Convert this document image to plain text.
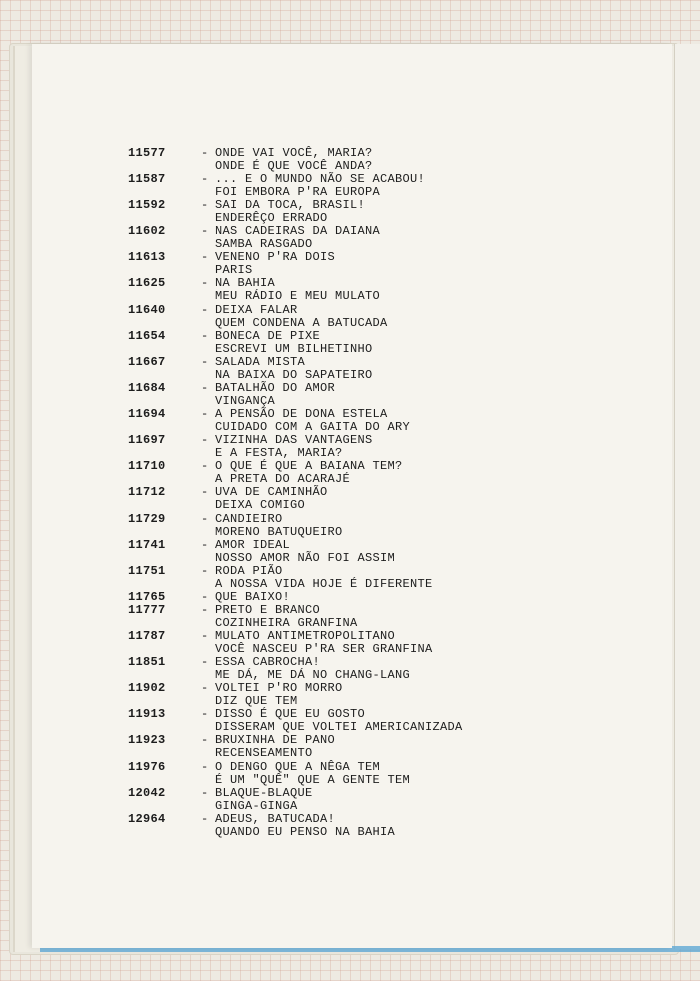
11577	- ONDE VAI VOCÊ, MARIA?
ONDE É QUE VOCÊ ANDA?
11587	- ... E O MUNDO NÃO SE ACABOU!
FOI EMBORA P'RA EUROPA
11592	- SAI DA TOCA, BRASIL!
ENDERÊÇO ERRADO
11602	- NAS CADEIRAS DA DAIANA
SAMBA RASGADO
11613	- VENENO P'RA DOIS
PARIS
11625	- NA BAHIA
MEU RÁDIO E MEU MULATO
11640	- DEIXA FALAR
QUEM CONDENA A BATUCADA
11654	- BONECA DE PIXE
ESCREVI UM BILHETINHO
11667	- SALADA MISTA
NA BAIXA DO SAPATEIRO
11684	- BATALHÃO DO AMOR
VINGANÇA
11694	- A PENSÃO DE DONA ESTELA
CUIDADO COM A GAITA DO ARY
11697	- VIZINHA DAS VANTAGENS
E A FESTA, MARIA?
11710	- O QUE É QUE A BAIANA TEM?
A PRETA DO ACARAJÉ
11712	- UVA DE CAMINHÃO
DEIXA COMIGO
11729	- CANDIEIRO
MORENO BATUQUEIRO
11741	- AMOR IDEAL
NOSSO AMOR NÃO FOI ASSIM
11751	- RODA PIÃO
A NOSSA VIDA HOJE É DIFERENTE
11765	- QUE BAIXO!
11777	- PRETO E BRANCO
COZINHEIRA GRANFINA
11787	- MULATO ANTIMETROPOLITANO
VOCÊ NASCEU P'RA SER GRANFINA
11851	- ESSA CABROCHA!
ME DÁ, ME DÁ NO CHANG-LANG
11902	- VOLTEI P'RO MORRO
DIZ QUE TEM
11913	- DISSO É QUE EU GOSTO
DISSERAM QUE VOLTEI AMERICANIZADA
11923	- BRUXINHA DE PANO
RECENSEAMENTO
11976	- O DENGO QUE A NÊGA TEM
É UM "QUÊ" QUE A GENTE TEM
12042	- BLAQUE-BLAQUE
GINGA-GINGA
12964	- ADEUS, BATUCADA!
QUANDO EU PENSO NA BAHIA
